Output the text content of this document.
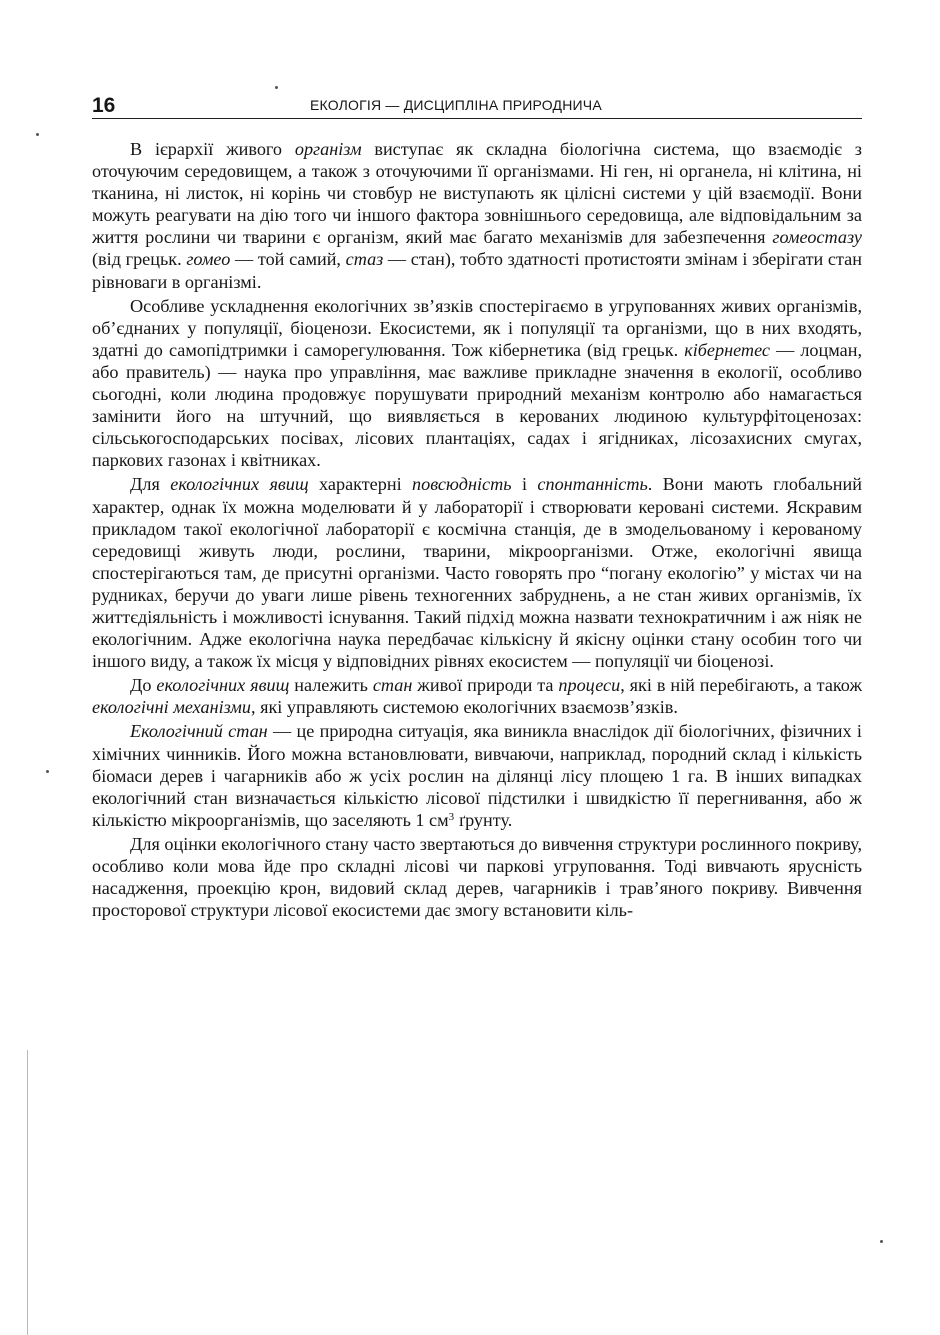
16	ЕКОЛОГІЯ — ДИСЦИПЛІНА ПРИРОДНИЧА

В ієрархії живого організм виступає як складна біологічна система, що взаємодіє з оточуючим середовищем, а також з оточуючими її організмами. Ні ген, ні органела, ні клітина, ні тканина, ні листок, ні корінь чи стовбур не виступають як цілісні системи у цій взаємодії. Вони можуть реагувати на дію того чи іншого фактора зовнішнього середовища, але відповідальним за життя рослини чи тварини є організм, який має багато механізмів для забезпечення гомеостазу (від грецьк. гомео — той самий, стаз — стан), тобто здатності протистояти змінам і зберігати стан рівноваги в організмі.

Особливе ускладнення екологічних зв’язків спостерігаємо в угрупованнях живих організмів, об’єднаних у популяції, біоценози. Екосистеми, як і популяції та організми, що в них входять, здатні до самопідтримки і саморегулювання. Тож кібернетика (від грецьк. кібернетес — лоцман, або правитель) — наука про управління, має важливе прикладне значення в екології, особливо сьогодні, коли людина продовжує порушувати природний механізм контролю або намагається замінити його на штучний, що виявляється в керованих людиною культурфітоценозах: сільськогосподарських посівах, лісових плантаціях, садах і ягідниках, лісозахисних смугах, паркових газонах і квітниках.

Для екологічних явищ характерні повсюдність і спонтанність. Вони мають глобальний характер, однак їх можна моделювати й у лабораторії і створювати керовані системи. Яскравим прикладом такої екологічної лабораторії є космічна станція, де в змодельованому і керованому середовищі живуть люди, рослини, тварини, мікроорганізми. Отже, екологічні явища спостерігаються там, де присутні організми. Часто говорять про “погану екологію” у містах чи на рудниках, беручи до уваги лише рівень техногенних забруднень, а не стан живих організмів, їх життєдіяльність і можливості існування. Такий підхід можна назвати технократичним і аж ніяк не екологічним. Адже екологічна наука передбачає кількісну й якісну оцінки стану особин того чи іншого виду, а також їх місця у відповідних рівнях екосистем — популяції чи біоценозі.

До екологічних явищ належить стан живої природи та процеси, які в ній перебігають, а також екологічні механізми, які управляють системою екологічних взаємозв’язків.

Екологічний стан — це природна ситуація, яка виникла внаслідок дії біологічних, фізичних і хімічних чинників. Його можна встановлювати, вивчаючи, наприклад, породний склад і кількість біомаси дерев і чагарників або ж усіх рослин на ділянці лісу площею 1 га. В інших випадках екологічний стан визначається кількістю лісової підстилки і швидкістю її перегнивання, або ж кількістю мікроорганізмів, що заселяють 1 $см^3$ ґрунту.

Для оцінки екологічного стану часто звертаються до вивчення структури рослинного покриву, особливо коли мова йде про складні лісові чи паркові угруповання. Тоді вивчають ярусність насадження, проекцію крон, видовий склад дерев, чагарників і трав’яного покриву. Вивчення просторової структури лісової екосистеми дає змогу встановити кіль-
